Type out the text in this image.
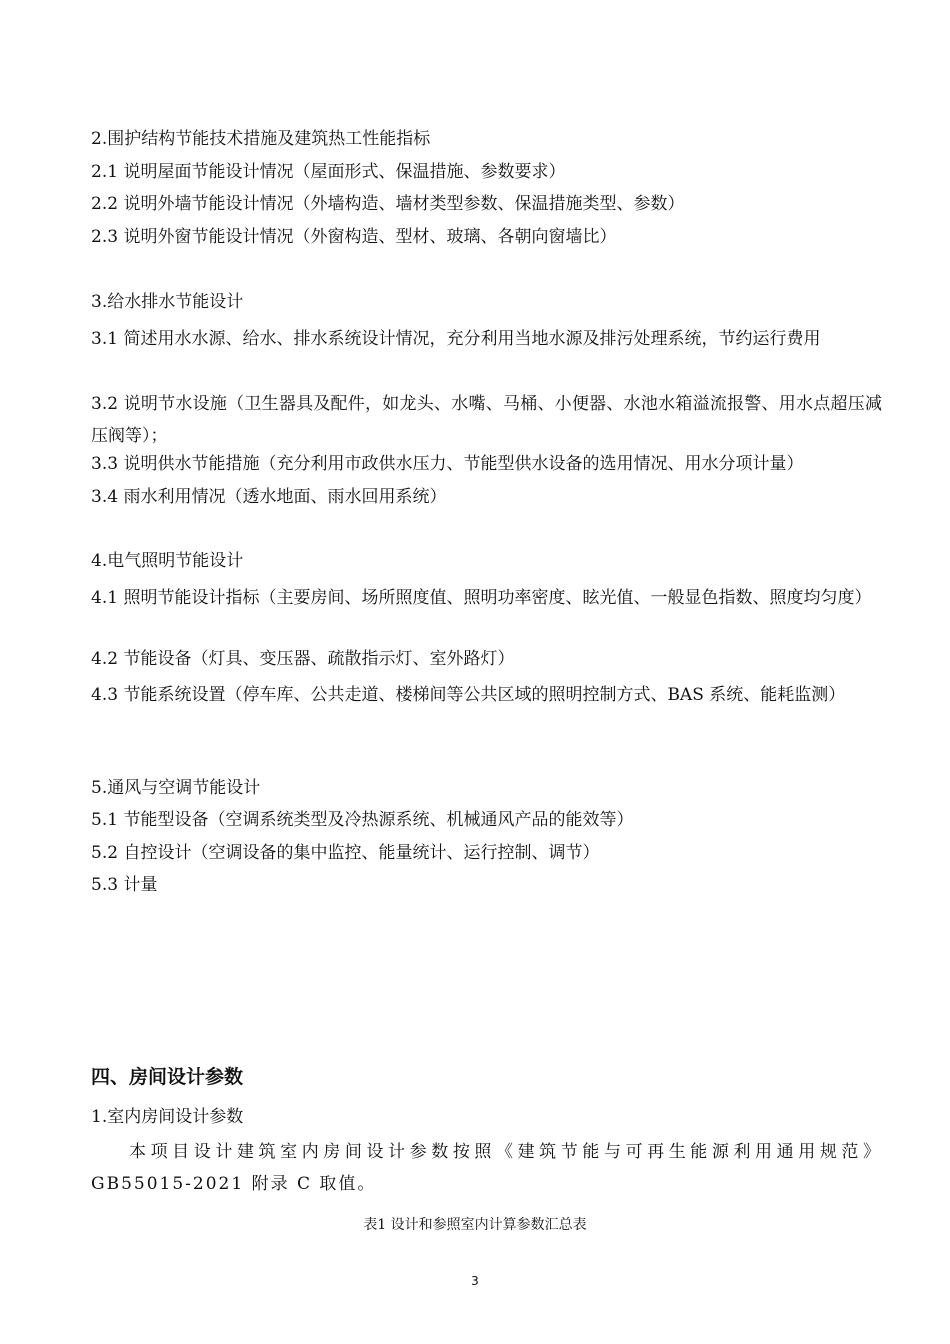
2.围护结构节能技术措施及建筑热工性能指标
2.1 说明屋面节能设计情况（屋面形式、保温措施、参数要求）
2.2 说明外墙节能设计情况（外墙构造、墙材类型参数、保温措施类型、参数）
2.3 说明外窗节能设计情况（外窗构造、型材、玻璃、各朝向窗墙比）
3.给水排水节能设计
3.1 简述用水水源、给水、排水系统设计情况，充分利用当地水源及排污处理系统，节约运行费用
3.2 说明节水设施（卫生器具及配件，如龙头、水嘴、马桶、小便器、水池水箱溢流报警、用水点超压减压阀等）；
3.3 说明供水节能措施（充分利用市政供水压力、节能型供水设备的选用情况、用水分项计量）
3.4 雨水利用情况（透水地面、雨水回用系统）
4.电气照明节能设计
4.1 照明节能设计指标（主要房间、场所照度值、照明功率密度、眩光值、一般显色指数、照度均匀度）
4.2 节能设备（灯具、变压器、疏散指示灯、室外路灯）
4.3 节能系统设置（停车库、公共走道、楼梯间等公共区域的照明控制方式、BAS 系统、能耗监测）
5.通风与空调节能设计
5.1 节能型设备（空调系统类型及冷热源系统、机械通风产品的能效等）
5.2 自控设计（空调设备的集中监控、能量统计、运行控制、调节）
5.3 计量
四、房间设计参数
1.室内房间设计参数
本项目设计建筑室内房间设计参数按照《建筑节能与可再生能源利用通用规范》GB55015-2021 附录 C 取值。
表1 设计和参照室内计算参数汇总表
3
